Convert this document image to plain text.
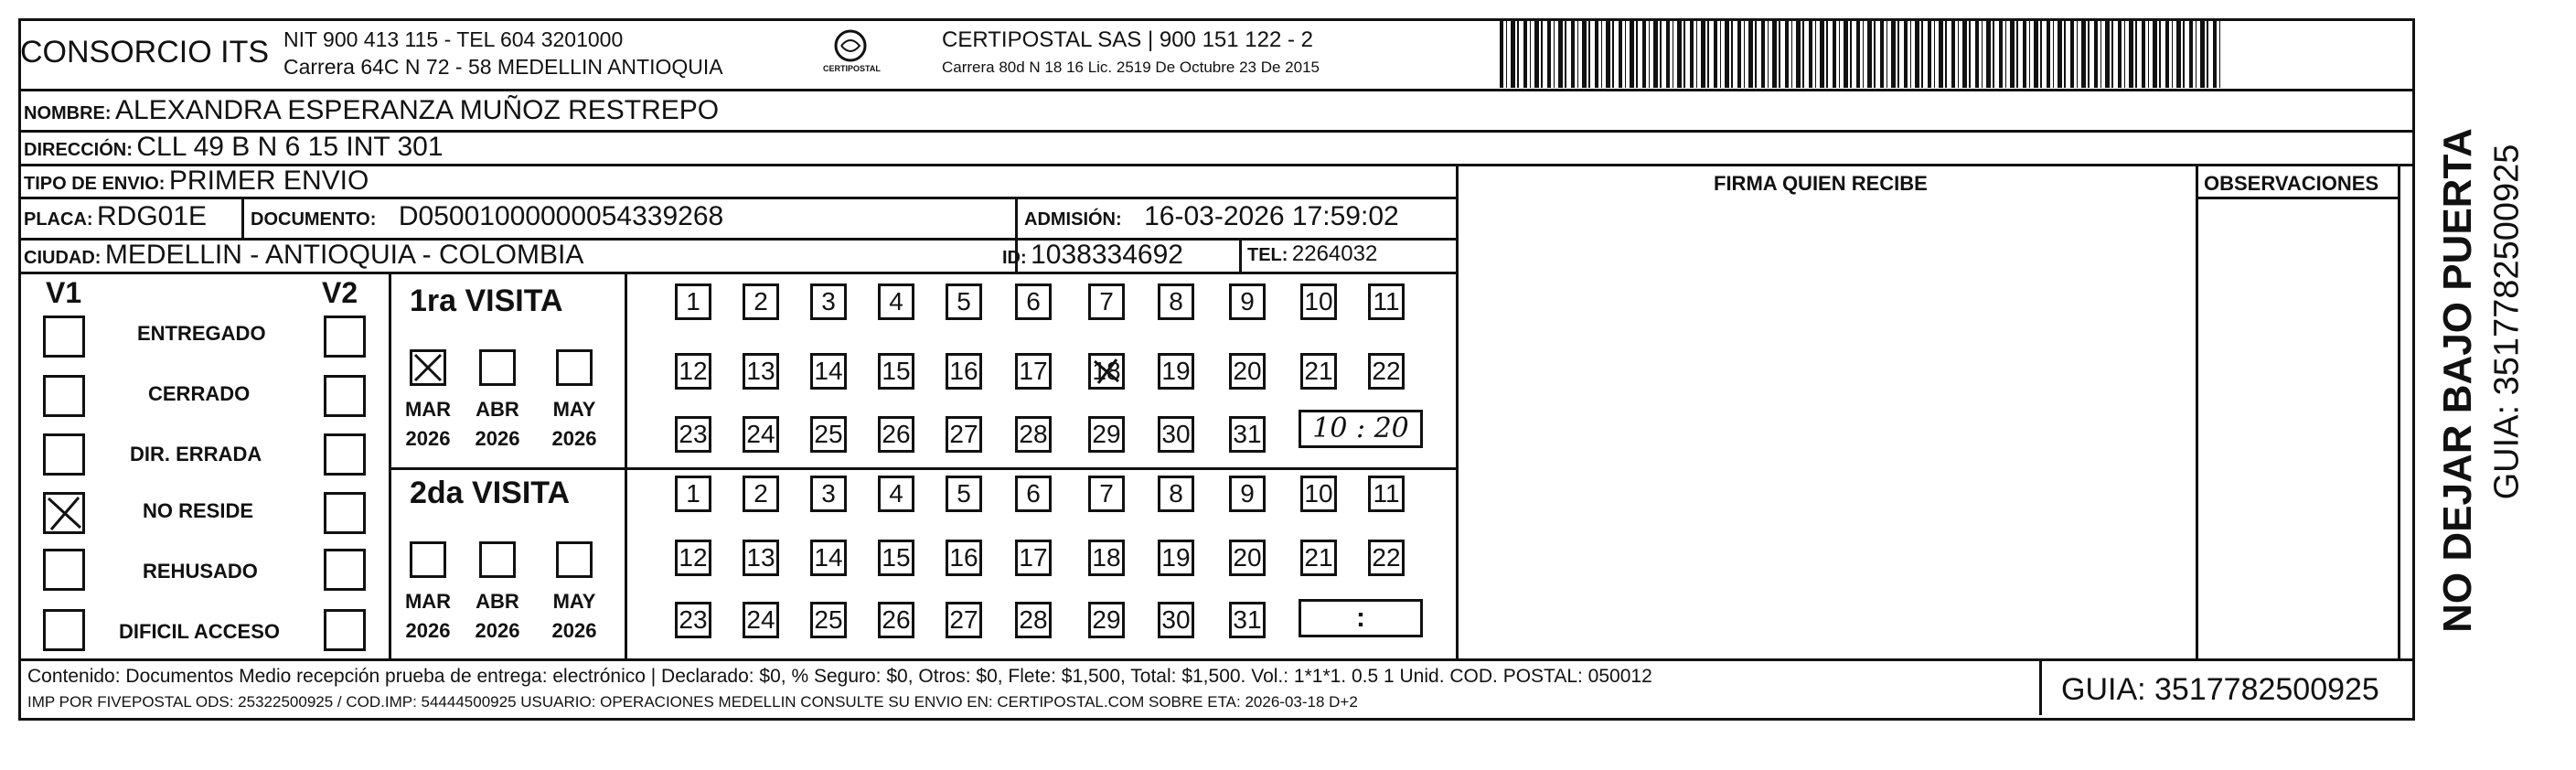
CONSORCIO ITS NIT 900 413 115 - TEL 604 3201000
Carrera 64C N 72 - 58 MEDELLIN ANTIOQUIA	CERTIPOSTAL
CERTIPOSTAL SAS | 900 151 122 - 2
Carrera 80d N 18 16 Lic. 2519 De Octubre 23 De 2015
NOMBRE: ALEXANDRA ESPERANZA MUÑOZ RESTREPO
DIRECCIÓN: CLL 49 B N 6 15 INT 301
TIPO DE ENVIO: PRIMER ENVIO
PLACA: RDG01E DOCUMENTO: D05001000000054339268	ADMISIÓN: 16-03-2026 17:59:02
CIUDAD: MEDELLIN - ANTIOQUIA - COLOMBIA	ID: 1038334692	TEL: 2264032
FIRMA QUIEN RECIBE	OBSERVACIONES
V1	V2
ENTREGADO
CERRADO
DIR. ERRADA
NO RESIDE
REHUSADO
DIFICIL ACCESO
1ra VISITA
MAR ABR MAY
2026 2026 2026
2da VISITA
MAR ABR MAY
2026 2026 2026
1	2	3	4	5	6	7	8	9	10 11
12 13 14 15 16 17 18 19 20 21 22
23 24 25 26 27 28 29 30 31
1	2	3	4	5	6	7	8	9	10 11
12 13 14 15 16 17 18 19 20 21 22
23 24 25 26 27 28 29 30 31
10 : 20
:
Contenido: Documentos Medio recepción prueba de entrega: electrónico | Declarado: $0, % Seguro: $0, Otros: $0, Flete: $1,500, Total: $1,500. Vol.: 1*1*1. 0.5 1 Unid. COD. POSTAL: 050012
IMP POR FIVEPOSTAL ODS: 25322500925 / COD.IMP: 54444500925 USUARIO: OPERACIONES MEDELLIN CONSULTE SU ENVIO EN: CERTIPOSTAL.COM SOBRE ETA: 2026-03-18 D+2	GUIA: 3517782500925
NO DEJAR BAJO PUERTA GUIA: 3517782500925
